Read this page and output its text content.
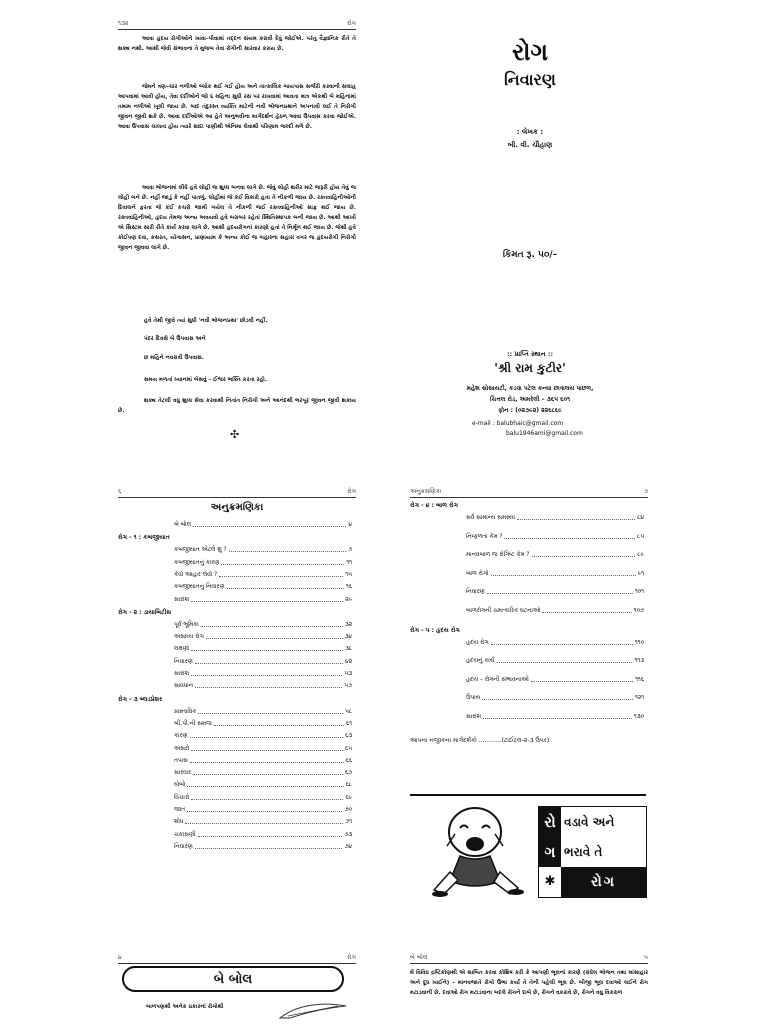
૧૩૨	રોગ
આવા હૃદય રોગીઓને ખાવા–પીવામાં તદ્દન સંયમ કરાવી દેવું જોઈએ. પરંતુ વૈજ્ઞાનિક રીતે તે શક્ય નથી. આથી જેવી સંભાવના તે મુજબ તેવા રોગીની સારવાર કરાય છે.
જેમને ત્રણ–ચાર નળીઓ બ્લોક થઈ ગઈ હોય અને તાત્કાલિક બાયપાસ સર્જરી કરવાની સલાહ આપવામાં આવી હોય, તેવા દર્દીઓને જો ૬ મહિના સુધી રસ પર રાખવામાં આવતા માત્ર એકથી બે મહિનામાં તમામ નળીઓ ખૂલી જાય છે. બાદ તંદુરસ્ત વ્યક્તિ માટેની નવી ભોજનપ્રથાને અપનાવી લઈ તે નિરોગી જીવન જીવી શકે છે. આવા દર્દીઓએ આ હેતે અનુભવીના માર્ગદર્શન હેઠળ આવા ઉપવાસ કરવા જોઈએ. આવા ઉપવાસ ચાલતા હોય ત્યારે સાદા પાણીથી એનિમા લેવાથી પરિણામ જલ્દી મળે છે.
આવા ભોજનમાં લીધે હવે લોહી જ શુધ્ધ બનવા લાગે છે. જેવું લોહી શરીર માટે જરૂરી હોય તેવું જ લોહી બને છે. નહીં જાડું કે નહીં પાતળું. લોહીમાં જે કંઈ વિકારો હતા તે નીકળી જાય છે. રક્તવાહિનીઓની દિવાલને ફરતા જે કંઈ કચરો જામી ગયેલ તે નીકળી જઈ રક્તવાહિનીઓ સાફ થઈ જાય છે. રક્તવાહિનીઓ, હૃદય તેમજ અન્ય અવયવો હવે બરાબર રહેતાં સ્થિતિસ્થાપક બની જાય છે. આથી આખી એ સિસ્ટમ સારી રીતે કાર્ય કરવા લાગે છે. આથી હૃદયરોગનાં કારણો હતાં તે નિર્મૂળ થઈ જાય છે. જેથી હવે કોઈપણ દવા, કસરત, યોગાસન, પ્રાણાયામ કે અન્ય કોઈ જ બહારના સહારા વગર જ હૃદયરોગી નિરોગી જીવન જીવવા લાગે છે.
હવે તેથી જીવે ત્યાં સુધી 'નવી ભોજનપ્રથા' છોડવી નહીં.
પંદર દિવસે બે ઉપવાસ અને
છ મહિને નવરાત્રી ઉપવાસ.
સમય મળતાં ધ્યાનમાં બેસવું – ઈશ્વર ભક્તિ કરતા રહો.
શક્ય તેટલી વધુ શુધ્ધ સેવા કરવાથી નિતાંત નિરોગી અને આનંદથી ભરપૂર જીવન જીવી શકાય છે.
✣
રોગ
નિવારણ
: લેખક :
બી. વી. ચૌહાણ
કિંમત રૂ. ૫૦/–
:: પ્રાપ્તિ સ્થાન ::
'શ્રી રામ કુટીર'
મહેશ સોસાયટી, કડવા પટેલ કન્યા છાત્રાલય પાછળ,
ચિત્તલ રોડ, અમરેલી – ૩૬૫ ૬૦૧
ફોન : (૦૨૭૯૨) ૨૨૬૮૬૯
e-mail : balubhaic@gmail.com
balu1946ami@gmail.com
૬	રોગ
અનુક્રમણિકા
બે બોલ	૪
રોગ - ૧ : કબજીયાત
કબજીયાત એટલે શું ?	૭
કબજીયાતનું કારણ	૧૧
કેવો આહાર લેવો ?	૧૫
કબજીયાતનું નિવારણ	૧૬
સારાંશ	૨૯
રોગ - ૨ : ડાયાબિટીસ
પૂર્વ ભૂમિકા	૩૨
અસાધ્ય રોગ	૩૪
લક્ષણો	૩૮
નિવારણ	૪૨
સારાંશ	૫૩
સાવધાન	૫૭
રોગ - ૩ બ્લડપ્રેશર
પ્રાસ્તાવિક	૫૮
બી.પી.ની સમજ	૬૧
કારણ	૬૩
અસરો	૬૫
તપાસ	૬૬
સારવાર	૬૭
ઘોબો	૬૮
વિચારો	૬૯
જાત	૭૦
શોધ	૭૧
ચકાસણી	૭૩
નિવારણ	૭૪
અનુક્રમણિકા	૭
રોગ - ૪ : બાળ રોગ
સર્વ સામાન્ય સમસ્યા	૮૪
નિષ્ફળતા કેમ ?	૮૫
માનવબાળ જ રોગિષ્ટ કેમ ?	૮૯
બાળ રોગો	૯૧
નિવારણ	૧૦૧
બાળરોગની ચમત્કારિક ઘટનાઓ	૧૦૭
રોગ - ૫ : હૃદય રોગ
હૃદય રોગ	૧૧૦
હૃદયનું કાર્ય	૧૧૩
હૃદય – રોગની સંભાવનાઓ	૧૧૬
ઉપાય	૧૨૧
સારાંશ	૧૩૦
આપના નજીકના માર્ગદર્શકો ............(ટાઈટલ-૨-૩ ઉપર)
રો વડાવે અને
ગ ભરાવે તે
✱	રોગ
૪	રોગ
બે બોલ
બાળપણથી અનેક પ્રકારનાં રોગોથી
બે બોલ	૫
મેં વિવિધ દ્રષ્ટિકોણથી એ સાબિત કરવા કોશિષ કરી કે આપણી ભૂલનાં કારણે (રાંધેલ ભોજન તથા માંસાહાર અને દૂધ ખાઈને) – માનવજાતે રોગો ઉભા કર્યા તે તેની પહેલી ભૂલ છે. બીજી ભૂલ દવાઓ લઈને રોગ મટાડવાની છે. દવાઓ રોગ મટાડવાના બદલે રોગને દાબે છે, રોગને વકરાવે છે, રોગને વધુ વિકરાળ
